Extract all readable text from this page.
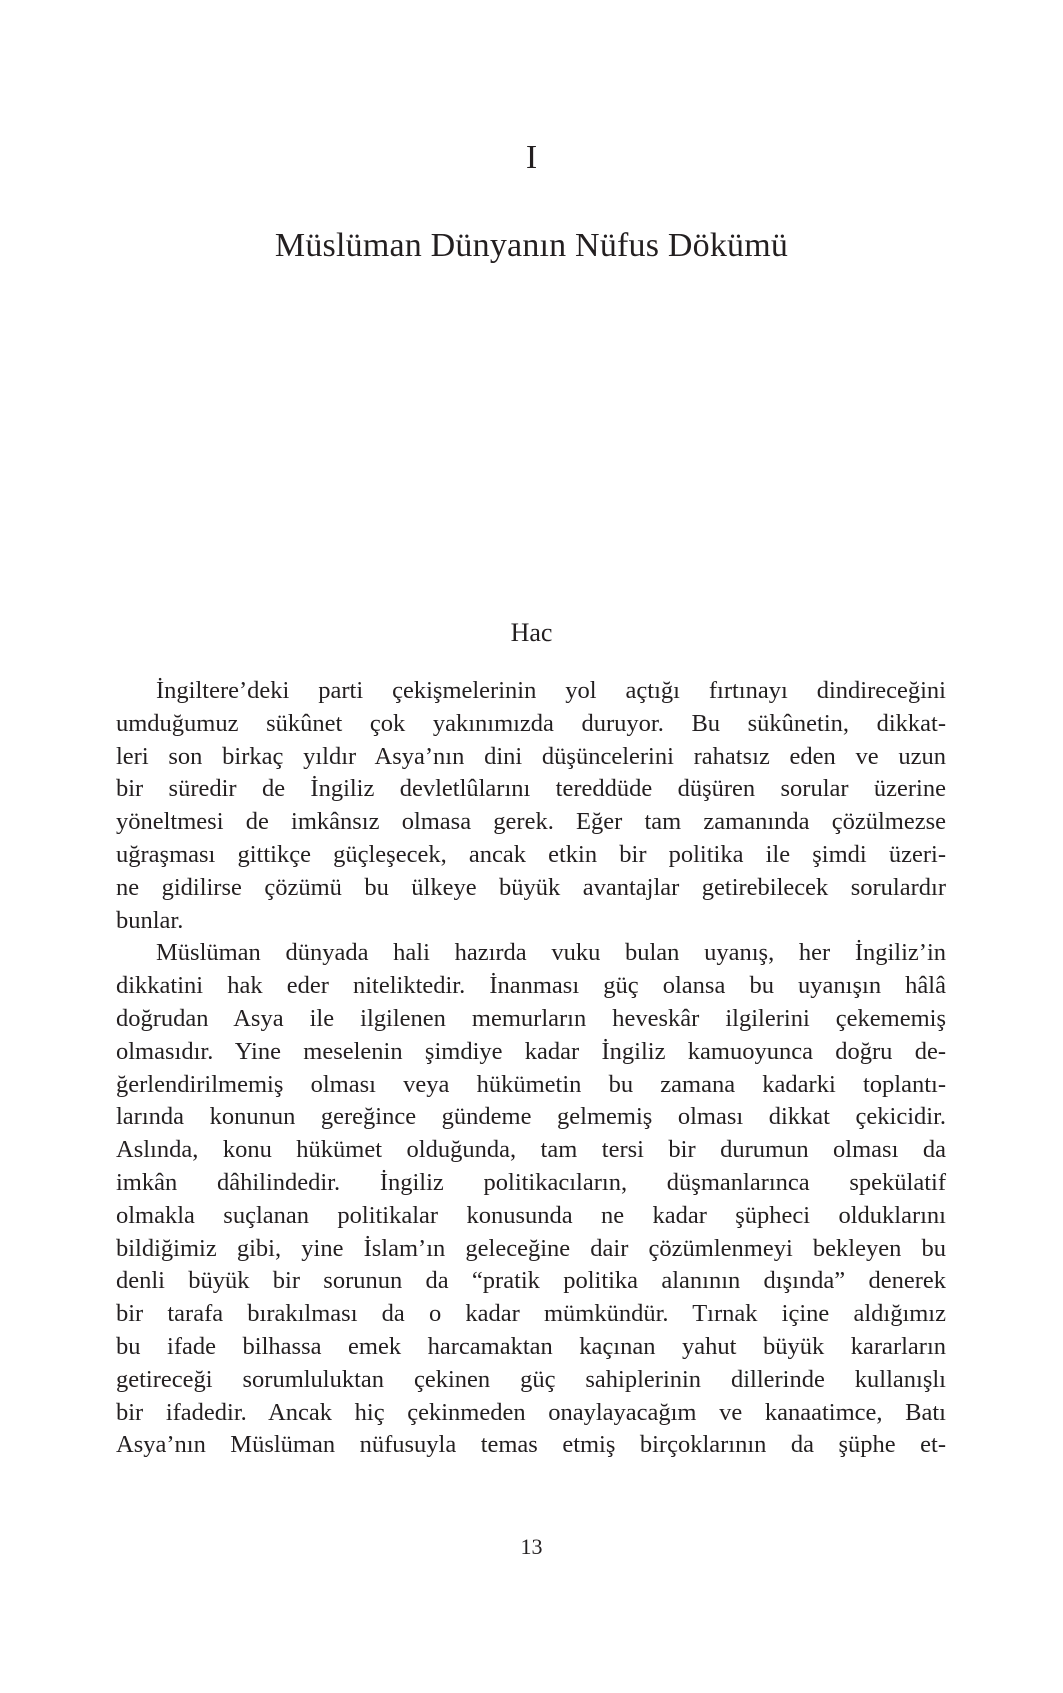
I
Müslüman Dünyanın Nüfus Dökümü
Hac

İngiltere’deki parti çekişmelerinin yol açtığı fırtınayı dindireceğini
umduğumuz sükûnet çok yakınımızda duruyor. Bu sükûnetin, dikkat-
leri son birkaç yıldır Asya’nın dini düşüncelerini rahatsız eden ve uzun
bir süredir de İngiliz devletlûlarını tereddüde düşüren sorular üzerine
yöneltmesi de imkânsız olmasa gerek. Eğer tam zamanında çözülmezse
uğraşması gittikçe güçleşecek, ancak etkin bir politika ile şimdi üzeri-
ne gidilirse çözümü bu ülkeye büyük avantajlar getirebilecek sorulardır
bunlar.

Müslüman dünyada hali hazırda vuku bulan uyanış, her İngiliz’in
dikkatini hak eder niteliktedir. İnanması güç olansa bu uyanışın hâlâ
doğrudan Asya ile ilgilenen memurların heveskâr ilgilerini çekememiş
olmasıdır. Yine meselenin şimdiye kadar İngiliz kamuoyunca doğru de-
ğerlendirilmemiş olması veya hükümetin bu zamana kadarki toplantı-
larında konunun gereğince gündeme gelmemiş olması dikkat çekicidir.
Aslında, konu hükümet olduğunda, tam tersi bir durumun olması da
imkân dâhilindedir. İngiliz politikacıların, düşmanlarınca spekülatif
olmakla suçlanan politikalar konusunda ne kadar şüpheci olduklarını
bildiğimiz gibi, yine İslam’ın geleceğine dair çözümlenmeyi bekleyen bu
denli büyük bir sorunun da “pratik politika alanının dışında” denerek
bir tarafa bırakılması da o kadar mümkündür. Tırnak içine aldığımız
bu ifade bilhassa emek harcamaktan kaçınan yahut büyük kararların
getireceği sorumluluktan çekinen güç sahiplerinin dillerinde kullanışlı
bir ifadedir. Ancak hiç çekinmeden onaylayacağım ve kanaatimce, Batı
Asya’nın Müslüman nüfusuyla temas etmiş birçoklarının da şüphe et-

13
